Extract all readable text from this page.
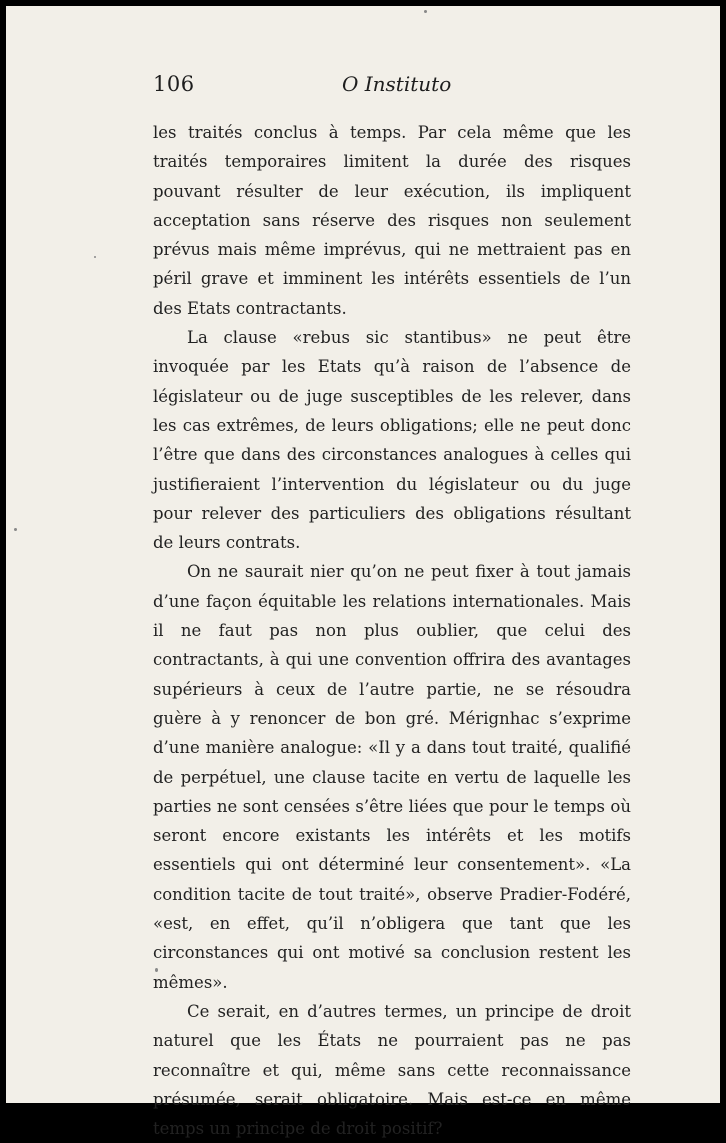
106	O Instituto

les traités conclus à temps. Par cela même que les traités temporaires limitent la durée des risques pouvant résulter de leur exécution, ils impliquent acceptation sans réserve des risques non seulement prévus mais même imprévus, qui ne mettraient pas en péril grave et imminent les intérêts essentiels de l’un des Etats contractants.

La clause «rebus sic stantibus» ne peut être invoquée par les Etats qu’à raison de l’absence de législateur ou de juge susceptibles de les relever, dans les cas extrêmes, de leurs obligations; elle ne peut donc l’être que dans des circonstances analogues à celles qui justifieraient l’intervention du législateur ou du juge pour relever des particuliers des obligations résultant de leurs contrats.

On ne saurait nier qu’on ne peut fixer à tout jamais d’une façon équitable les relations internationales. Mais il ne faut pas non plus oublier, que celui des contractants, à qui une convention offrira des avantages supérieurs à ceux de l’autre partie, ne se résoudra guère à y renoncer de bon gré. Mérignhac s’exprime d’une manière analogue: «Il y a dans tout traité, qualifié de perpétuel, une clause tacite en vertu de laquelle les parties ne sont censées s’être liées que pour le temps où seront encore existants les intérêts et les motifs essentiels qui ont déterminé leur consentement». «La condition tacite de tout traité», observe Pradier-Fodéré, «est, en effet, qu’il n’obligera que tant que les circonstances qui ont motivé sa conclusion restent les mêmes».

Ce serait, en d’autres termes, un principe de droit naturel que les États ne pourraient pas ne pas reconnaître et qui, même sans cette reconnaissance présumée, serait obligatoire. Mais est-ce en même temps un principe de droit positif?
